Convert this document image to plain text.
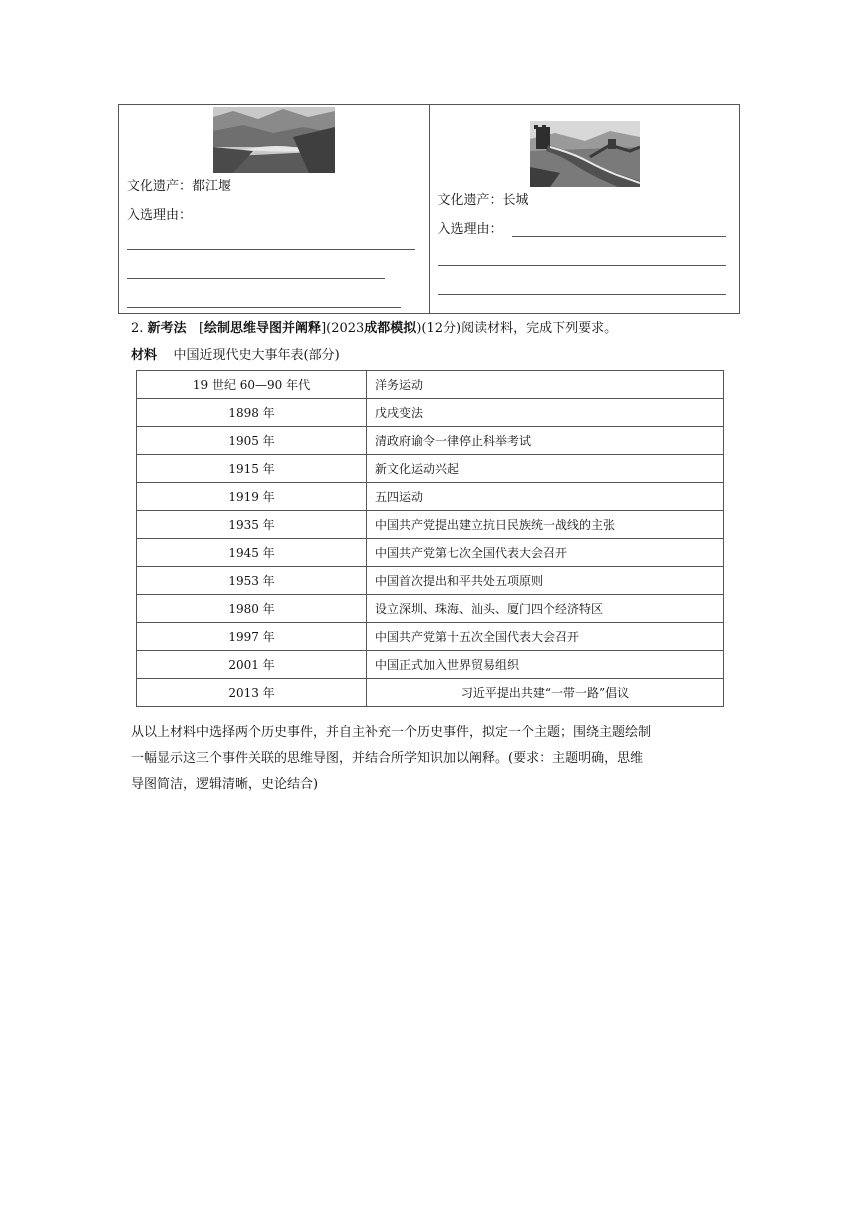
文化遗产：都江堰
入选理由：
文化遗产：长城
入选理由：
2. 新考法 [绘制思维导图并阐释](2023成都模拟)(12分)阅读材料，完成下列要求。
材料 中国近现代史大事年表(部分)
19 世纪 60—90 年代	洋务运动
1898 年	戊戌变法
1905 年	清政府谕令一律停止科举考试
1915 年	新文化运动兴起
1919 年	五四运动
1935 年	中国共产党提出建立抗日民族统一战线的主张
1945 年	中国共产党第七次全国代表大会召开
1953 年	中国首次提出和平共处五项原则
1980 年	设立深圳、珠海、汕头、厦门四个经济特区
1997 年	中国共产党第十五次全国代表大会召开
2001 年	中国正式加入世界贸易组织
2013 年	习近平提出共建“一带一路”倡议
从以上材料中选择两个历史事件，并自主补充一个历史事件，拟定一个主题；围绕主题绘制
一幅显示这三个事件关联的思维导图，并结合所学知识加以阐释。(要求：主题明确，思维
导图简洁，逻辑清晰，史论结合)
